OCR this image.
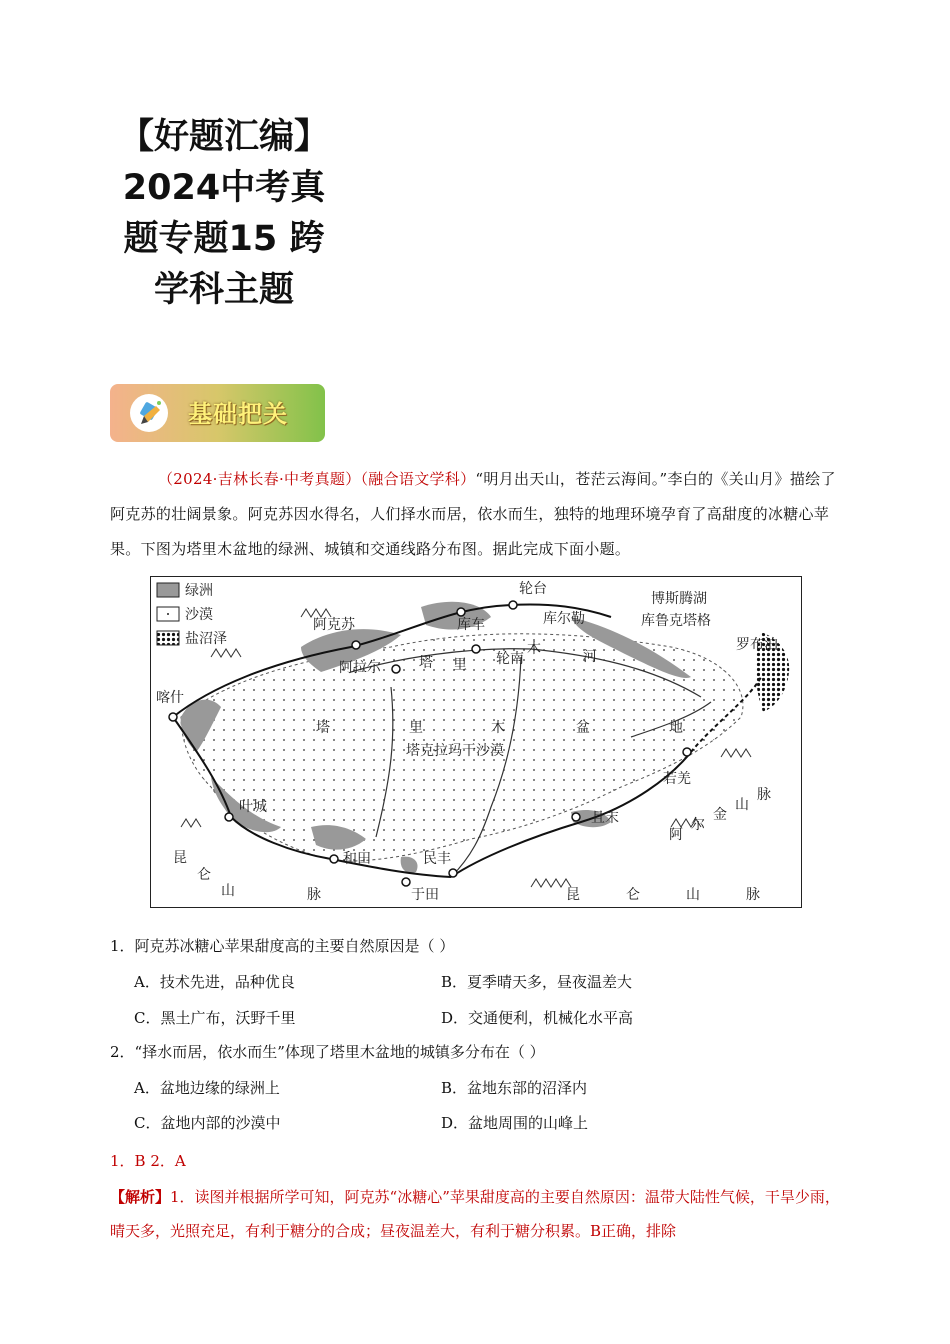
【好题汇编】2024中考真题专题15 跨学科主题
基础把关
（2024·吉林长春·中考真题）（融合语文学科）“明月出天山，苍茫云海间。”李白的《关山月》描绘了阿克苏的壮阔景象。阿克苏因水得名，人们择水而居，依水而生，独特的地理环境孕育了高甜度的冰糖心苹果。下图为塔里木盆地的绿洲、城镇和交通线路分布图。据此完成下面小题。
绿洲
沙漠
盐沼泽
轮台
博斯腾湖
库尔勒	库鲁克塔格
阿克苏	库车
罗布泊
阿拉尔
轮南
喀什
叶城
和田	民丰
于田
且末
若羌
塔克拉玛干沙漠
塔 里
木	河
塔	里	木	盆	地
昆	仑	山	脉
昆
仑
山	脉
阿
尔
金
山
脉
1．阿克苏冰糖心苹果甜度高的主要自然原因是（ ）
A．技术先进，品种优良	B．夏季晴天多，昼夜温差大
C．黑土广布，沃野千里	D．交通便利，机械化水平高
2．“择水而居，依水而生”体现了塔里木盆地的城镇多分布在（ ）
A．盆地边缘的绿洲上	B．盆地东部的沼泽内
C．盆地内部的沙漠中	D．盆地周围的山峰上
1．B 2．A
【解析】1．读图并根据所学可知，阿克苏“冰糖心”苹果甜度高的主要自然原因：温带大陆性气候，干旱少雨，晴天多，光照充足，有利于糖分的合成；昼夜温差大，有利于糖分积累。B正确，排除
